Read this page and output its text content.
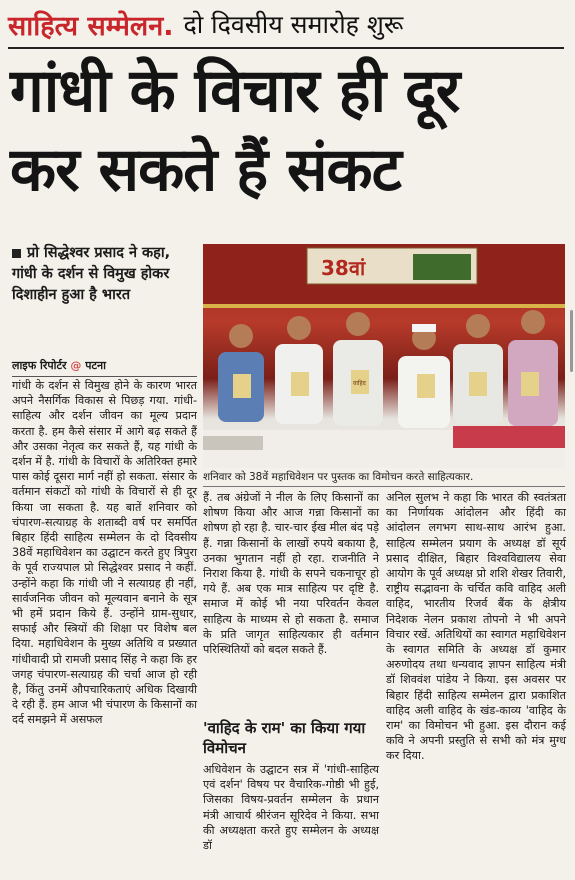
साहित्य सम्मेलन. दो दिवसीय समारोह शुरू
गांधी के विचार ही दूर
कर सकते हैं संकट
प्रो सिद्धेश्वर प्रसाद ने कहा, गांधी के दर्शन से विमुख होकर दिशाहीन हुआ है भारत
लाइफ रिपोर्टर @ पटना
38वां
वाहिद
शनिवार को 38वें महाधिवेशन पर पुस्तक का विमोचन करते साहित्यकार.

गांधी के दर्शन से विमुख होने के कारण भारत अपने नैसर्गिक विकास से पिछड़ गया. गांधी-साहित्य और दर्शन जीवन का मूल्य प्रदान करता है. हम कैसे संसार में आगे बढ़ सकते हैं और उसका नेतृत्व कर सकते हैं, यह गांधी के दर्शन में है. गांधी के विचारों के अतिरिक्त हमारे पास कोई दूसरा मार्ग नहीं हो सकता. संसार के वर्तमान संकटों को गांधी के विचारों से ही दूर किया जा सकता है. यह बातें शनिवार को चंपारण-सत्याग्रह के शताब्दी वर्ष पर समर्पित बिहार हिंदी साहित्य सम्मेलन के दो दिवसीय 38वें महाधिवेशन का उद्घाटन करते हुए त्रिपुरा के पूर्व राज्यपाल प्रो सिद्धेश्वर प्रसाद ने कहीं. उन्होंने कहा कि गांधी जी ने सत्याग्रह ही नहीं, सार्वजनिक जीवन को मूल्यवान बनाने के सूत्र भी हमें प्रदान किये हैं. उन्होंने ग्राम-सुधार, सफाई और स्त्रियों की शिक्षा पर विशेष बल दिया. महाधिवेशन के मुख्य अतिथि व प्रख्यात गांधीवादी प्रो रामजी प्रसाद सिंह ने कहा कि हर जगह चंपारण-सत्याग्रह की चर्चा आज हो रही है, किंतु उनमें औपचारिकताएं अधिक दिखायी दे रही हैं. हम आज भी चंपारण के किसानों का दर्द समझने में असफल

हैं. तब अंग्रेजों ने नील के लिए किसानों का शोषण किया और आज गन्ना किसानों का शोषण हो रहा है. चार-चार ईख मील बंद पड़े हैं. गन्ना किसानों के लाखों रुपये बकाया है, उनका भुगतान नहीं हो रहा. राजनीति ने निराश किया है. गांधी के सपने चकनाचूर हो गये हैं. अब एक मात्र साहित्य पर दृष्टि है. समाज में कोई भी नया परिवर्तन केवल साहित्य के माध्यम से हो सकता है. समाज के प्रति जागृत साहित्यकार ही वर्तमान परिस्थितियों को बदल सकते हैं.

'वाहिद के राम' का किया गया विमोचन

अधिवेशन के उद्घाटन सत्र में 'गांधी-साहित्य एवं दर्शन' विषय पर वैचारिक-गोष्ठी भी हुई, जिसका विषय-प्रवर्तन सम्मेलन के प्रधान मंत्री आचार्य श्रीरंजन सूरिदेव ने किया. सभा की अध्यक्षता करते हुए सम्मेलन के अध्यक्ष डॉ

अनिल सुलभ ने कहा कि भारत की स्वतंत्रता का निर्णायक आंदोलन और हिंदी का आंदोलन लगभग साथ-साथ आरंभ हुआ. साहित्य सम्मेलन प्रयाग के अध्यक्ष डॉ सूर्य प्रसाद दीक्षित, बिहार विश्वविद्यालय सेवा आयोग के पूर्व अध्यक्ष प्रो शशि शेखर तिवारी, राष्ट्रीय सद्भावना के चर्चित कवि वाहिद अली वाहिद, भारतीय रिजर्व बैंक के क्षेत्रीय निदेशक नेलन प्रकाश तोपनो ने भी अपने विचार रखें. अतिथियों का स्वागत महाधिवेशन के स्वागत समिति के अध्यक्ष डॉ कुमार अरुणोदय तथा धन्यवाद ज्ञापन साहित्य मंत्री डॉ शिववंश पांडेय ने किया. इस अवसर पर बिहार हिंदी साहित्य सम्मेलन द्वारा प्रकाशित वाहिद अली वाहिद के खंड-काव्य 'वाहिद के राम' का विमोचन भी हुआ. इस दौरान कई कवि ने अपनी प्रस्तुति से सभी को मंत्र मुग्ध कर दिया.
